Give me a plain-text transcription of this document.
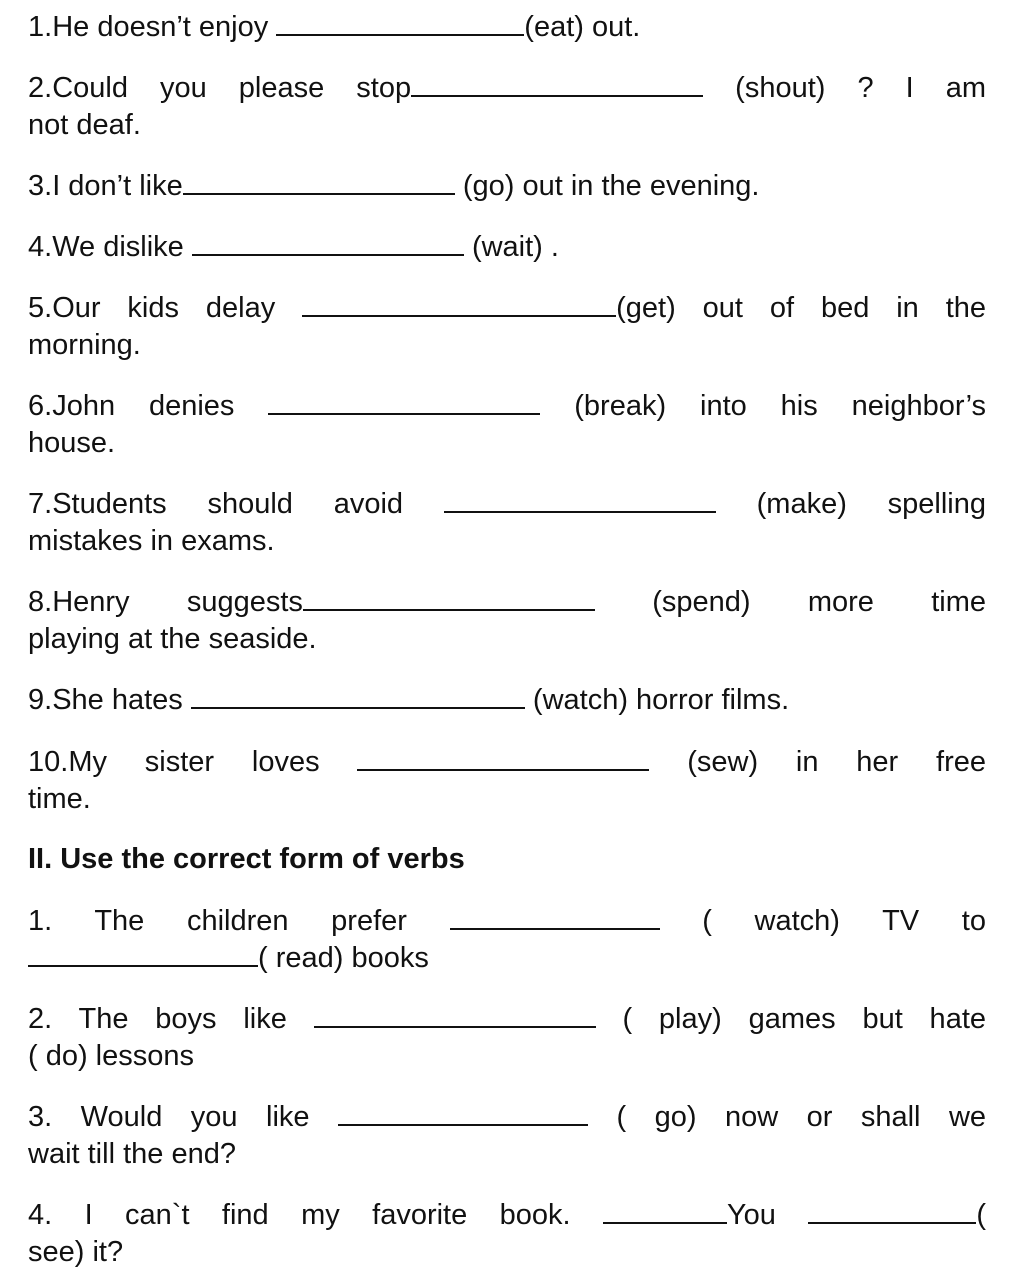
1.He doesn’t enjoy	(eat) out.
2.Could you please stop	(shout) ? I am
not deaf.
3.I don’t like	(go) out in the evening.
4.We dislike	(wait) .
5.Our kids delay	(get) out of bed in the
morning.
6.John denies	(break) into his neighbor’s
house.
7.Students should avoid	(make) spelling
mistakes in exams.
8.Henry suggests	(spend) more time
playing at the seaside.
9.She hates	(watch) horror films.
10.My sister loves	(sew) in her free
time.
II. Use the correct form of verbs
1. The children prefer	( watch) TV to
( read) books
2. The boys like	( play) games but hate
( do) lessons
3. Would you like	( go) now or shall we
wait till the end?
4. I can`t find my favorite book.	You	(
see) it?
